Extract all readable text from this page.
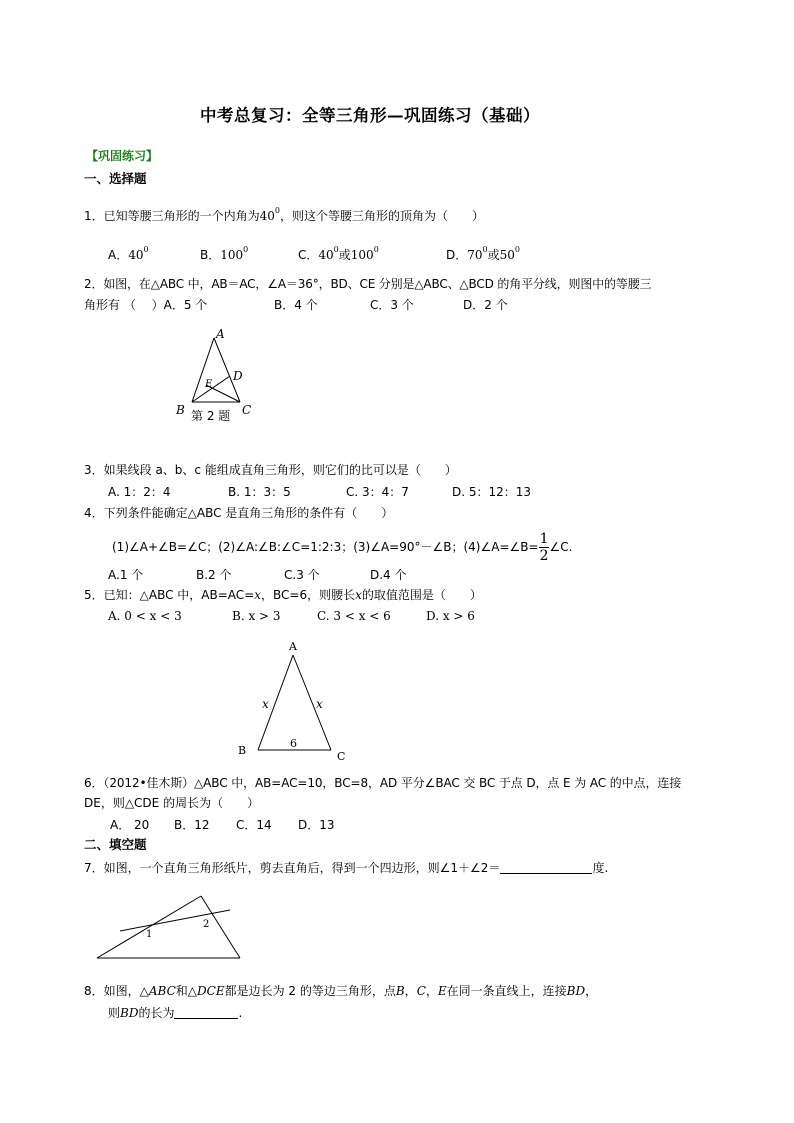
中考总复习：全等三角形—巩固练习（基础）
【巩固练习】
一、选择题
1．已知等腰三角形的一个内角为$40^0$，则这个等腰三角形的顶角为（　　）
A．$40^0$	B．$100^0$	C．$40^0$或$100^0$	D．$70^0$或$50^0$
2．如图，在△ABC 中，AB＝AC，∠A＝36°，BD、CE 分别是△ABC、△BCD 的角平分线，则图中的等腰三
角形有 （　 ）A．5 个	B．4 个	C．3 个	D．2 个
A
D
E
B	C
第 2 题
3．如果线段 a、b、c 能组成直角三角形，则它们的比可以是（　　）
A. 1：2：4	B. 1：3：5	C. 3：4：7	D. 5：12：13
4．下列条件能确定△ABC 是直角三角形的条件有（　　）
(1)∠A+∠B=∠C；(2)∠A:∠B:∠C=1:2:3；(3)∠A=90°－∠B；(4)∠A=∠B= $\frac{1}{2}$ ∠C.
A.1 个	B.2 个	C.3 个	D.4 个
5．已知：△ABC 中，AB=AC=x，BC=6，则腰长x的取值范围是（　　）
A. 0 < x < 3	B. x > 3	C. 3 < x < 6	D. x > 6
A
B	C
x	x
6
6．（2012•佳木斯）△ABC 中，AB=AC=10，BC=8，AD 平分∠BAC 交 BC 于点 D，点 E 为 AC 的中点，连接
DE，则△CDE 的周长为（　　）
A． 20 B．12 C．14 D．13
二、填空题
7．如图，一个直角三角形纸片，剪去直角后，得到一个四边形，则∠1＋∠2＝	度.
1
2
8．如图，△ABC和△DCE都是边长为 2 的等边三角形，点B，C，E在同一条直线上，连接BD，
则BD的长为	.
